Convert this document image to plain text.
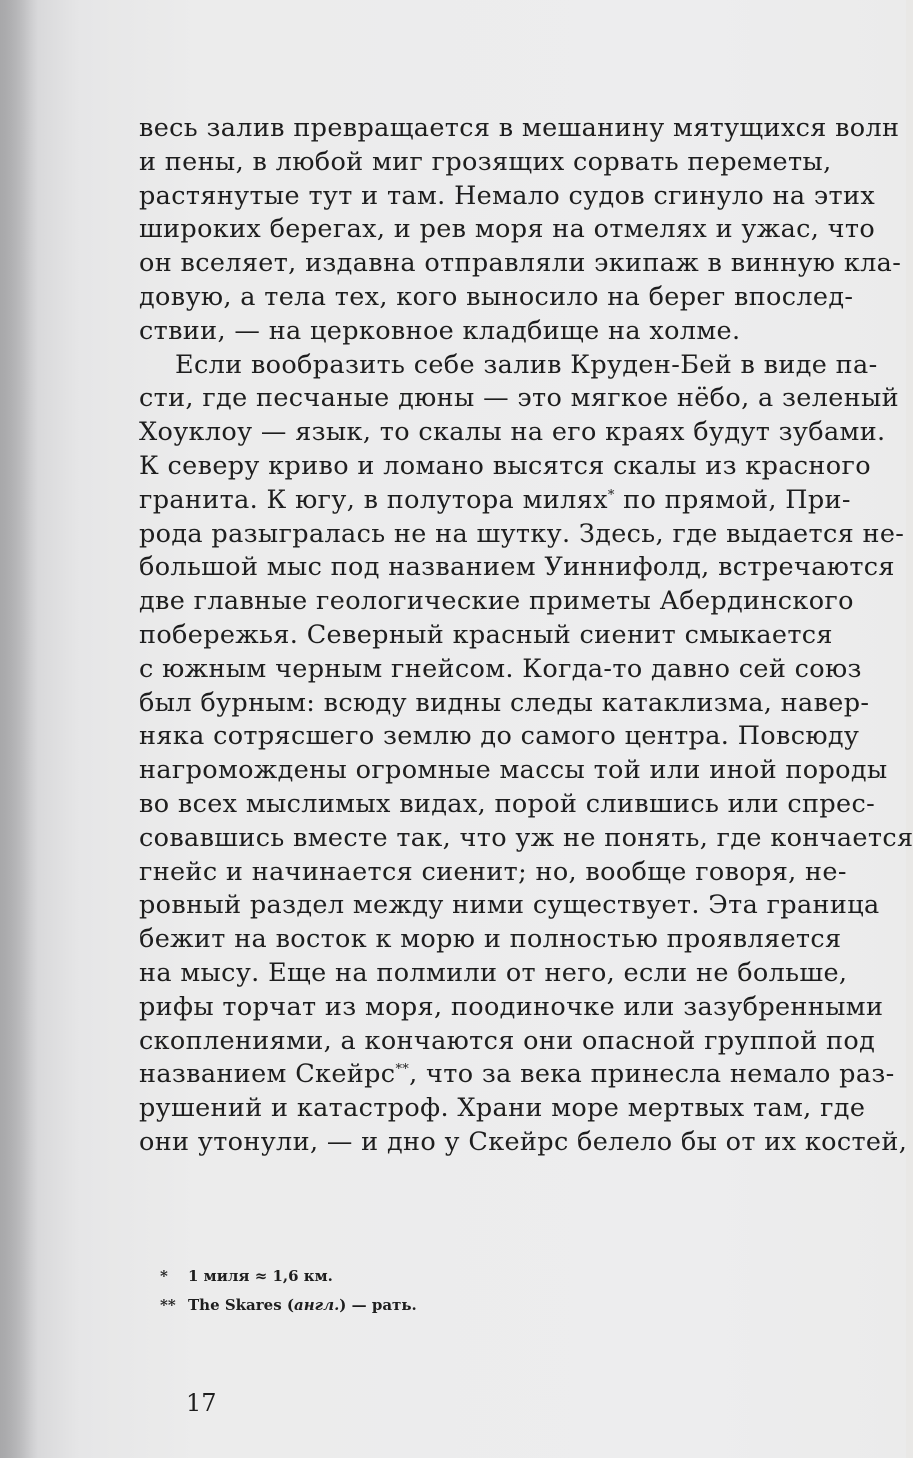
весь залив превращается в мешанину мятущихся волн
и пены, в любой миг грозящих сорвать переметы,
растянутые тут и там. Немало судов сгинуло на этих
широких берегах, и рев моря на отмелях и ужас, что
он вселяет, издавна отправляли экипаж в винную кла-
довую, а тела тех, кого выносило на берег впослед-
ствии, — на церковное кладбище на холме.
Если вообразить себе залив Круден-Бей в виде па-
сти, где песчаные дюны — это мягкое нёбо, а зеленый
Хоуклоу — язык, то скалы на его краях будут зубами.
К северу криво и ломано высятся скалы из красного
гранита. К югу, в полутора милях* по прямой, При-
рода разыгралась не на шутку. Здесь, где выдается не-
большой мыс под названием Уиннифолд, встречаются
две главные геологические приметы Абердинского
побережья. Северный красный сиенит смыкается
с южным черным гнейсом. Когда-то давно сей союз
был бурным: всюду видны следы катаклизма, навер-
няка сотрясшего землю до самого центра. Повсюду
нагромождены огромные массы той или иной породы
во всех мыслимых видах, порой слившись или спрес-
совавшись вместе так, что уж не понять, где кончается
гнейс и начинается сиенит; но, вообще говоря, не-
ровный раздел между ними существует. Эта граница
бежит на восток к морю и полностью проявляется
на мысу. Еще на полмили от него, если не больше,
рифы торчат из моря, поодиночке или зазубренными
скоплениями, а кончаются они опасной группой под
названием Скейрс**, что за века принесла немало раз-
рушений и катастроф. Храни море мертвых там, где
они утонули, — и дно у Скейрс белело бы от их костей,
* 1 миля ≈ 1,6 км.
** The Skares (англ.) — рать.
17
